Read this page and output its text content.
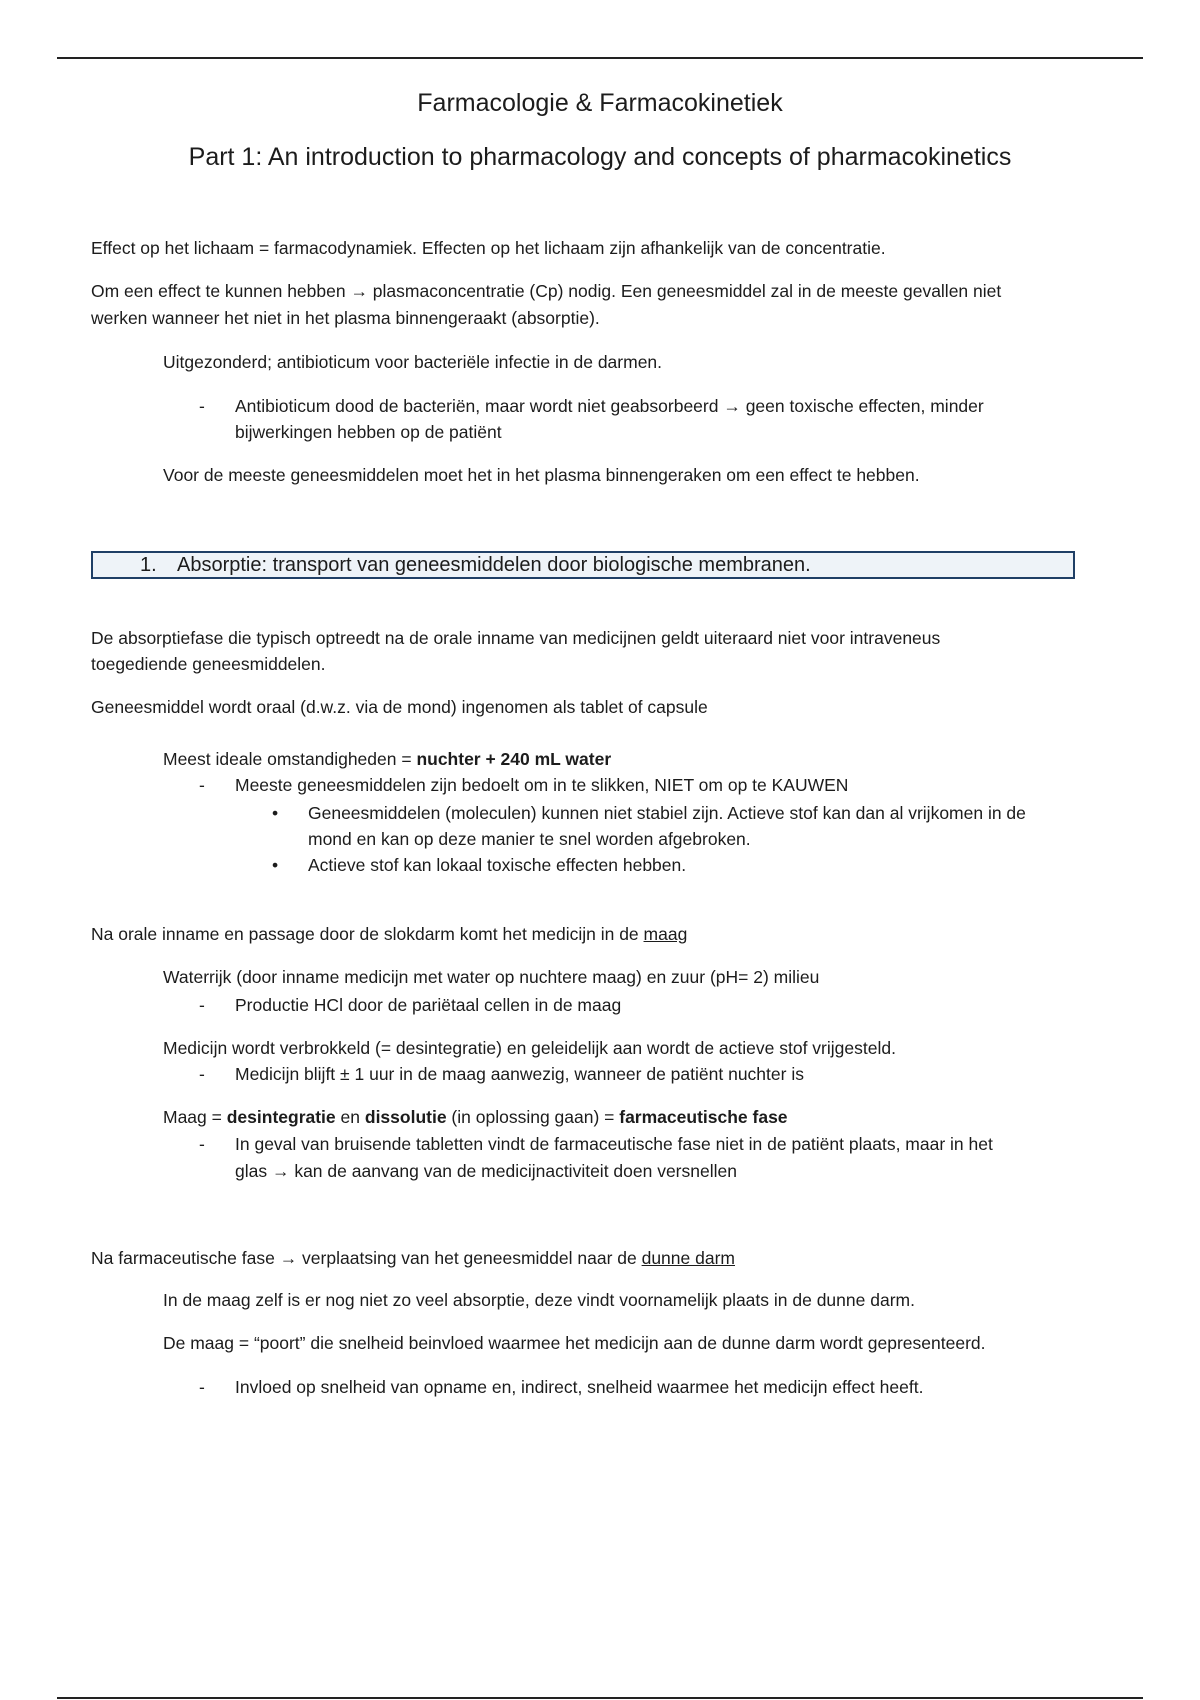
Farmacologie & Farmacokinetiek
Part 1: An introduction to pharmacology and concepts of pharmacokinetics
Effect op het lichaam = farmacodynamiek. Effecten op het lichaam zijn afhankelijk van de concentratie.
Om een effect te kunnen hebben → plasmaconcentratie (Cp) nodig. Een geneesmiddel zal in de meeste gevallen niet
werken wanneer het niet in het plasma binnengeraakt (absorptie).
Uitgezonderd; antibioticum voor bacteriële infectie in de darmen.
- Antibioticum dood de bacteriën, maar wordt niet geabsorbeerd → geen toxische effecten, minder
bijwerkingen hebben op de patiënt
Voor de meeste geneesmiddelen moet het in het plasma binnengeraken om een effect te hebben.
1. Absorptie: transport van geneesmiddelen door biologische membranen.
De absorptiefase die typisch optreedt na de orale inname van medicijnen geldt uiteraard niet voor intraveneus
toegediende geneesmiddelen.
Geneesmiddel wordt oraal (d.w.z. via de mond) ingenomen als tablet of capsule
Meest ideale omstandigheden = nuchter + 240 mL water
- Meeste geneesmiddelen zijn bedoelt om in te slikken, NIET om op te KAUWEN
• Geneesmiddelen (moleculen) kunnen niet stabiel zijn. Actieve stof kan dan al vrijkomen in de
mond en kan op deze manier te snel worden afgebroken.
• Actieve stof kan lokaal toxische effecten hebben.
Na orale inname en passage door de slokdarm komt het medicijn in de maag
Waterrijk (door inname medicijn met water op nuchtere maag) en zuur (pH= 2) milieu
- Productie HCl door de pariëtaal cellen in de maag
Medicijn wordt verbrokkeld (= desintegratie) en geleidelijk aan wordt de actieve stof vrijgesteld.
- Medicijn blijft ± 1 uur in de maag aanwezig, wanneer de patiënt nuchter is
Maag = desintegratie en dissolutie (in oplossing gaan) = farmaceutische fase
- In geval van bruisende tabletten vindt de farmaceutische fase niet in de patiënt plaats, maar in het
glas → kan de aanvang van de medicijnactiviteit doen versnellen
Na farmaceutische fase → verplaatsing van het geneesmiddel naar de dunne darm
In de maag zelf is er nog niet zo veel absorptie, deze vindt voornamelijk plaats in de dunne darm.
De maag = “poort” die snelheid beinvloed waarmee het medicijn aan de dunne darm wordt gepresenteerd.
- Invloed op snelheid van opname en, indirect, snelheid waarmee het medicijn effect heeft.
